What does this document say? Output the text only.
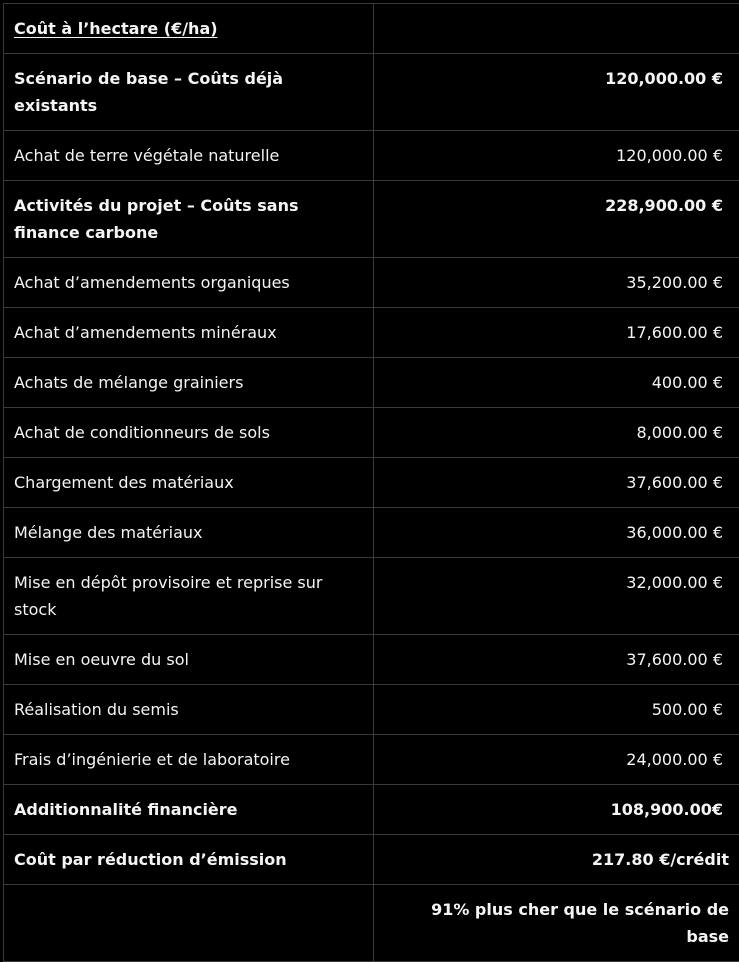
Coût à l’hectare (€/ha)	
Scénario de base – Coûts déjà existants	120,000.00 €
Achat de terre végétale naturelle	120,000.00 €
Activités du projet – Coûts sans finance carbone	228,900.00 €
Achat d’amendements organiques	35,200.00 €
Achat d’amendements minéraux	17,600.00 €
Achats de mélange grainiers	400.00 €
Achat de conditionneurs de sols	8,000.00 €
Chargement des matériaux	37,600.00 €
Mélange des matériaux	36,000.00 €
Mise en dépôt provisoire et reprise sur stock	32,000.00 €
Mise en oeuvre du sol	37,600.00 €
Réalisation du semis	500.00 €
Frais d’ingénierie et de laboratoire	24,000.00 €
Additionnalité financière	108,900.00€
Coût par réduction d’émission	217.80 €/crédit
	91% plus cher que le scénario de base
